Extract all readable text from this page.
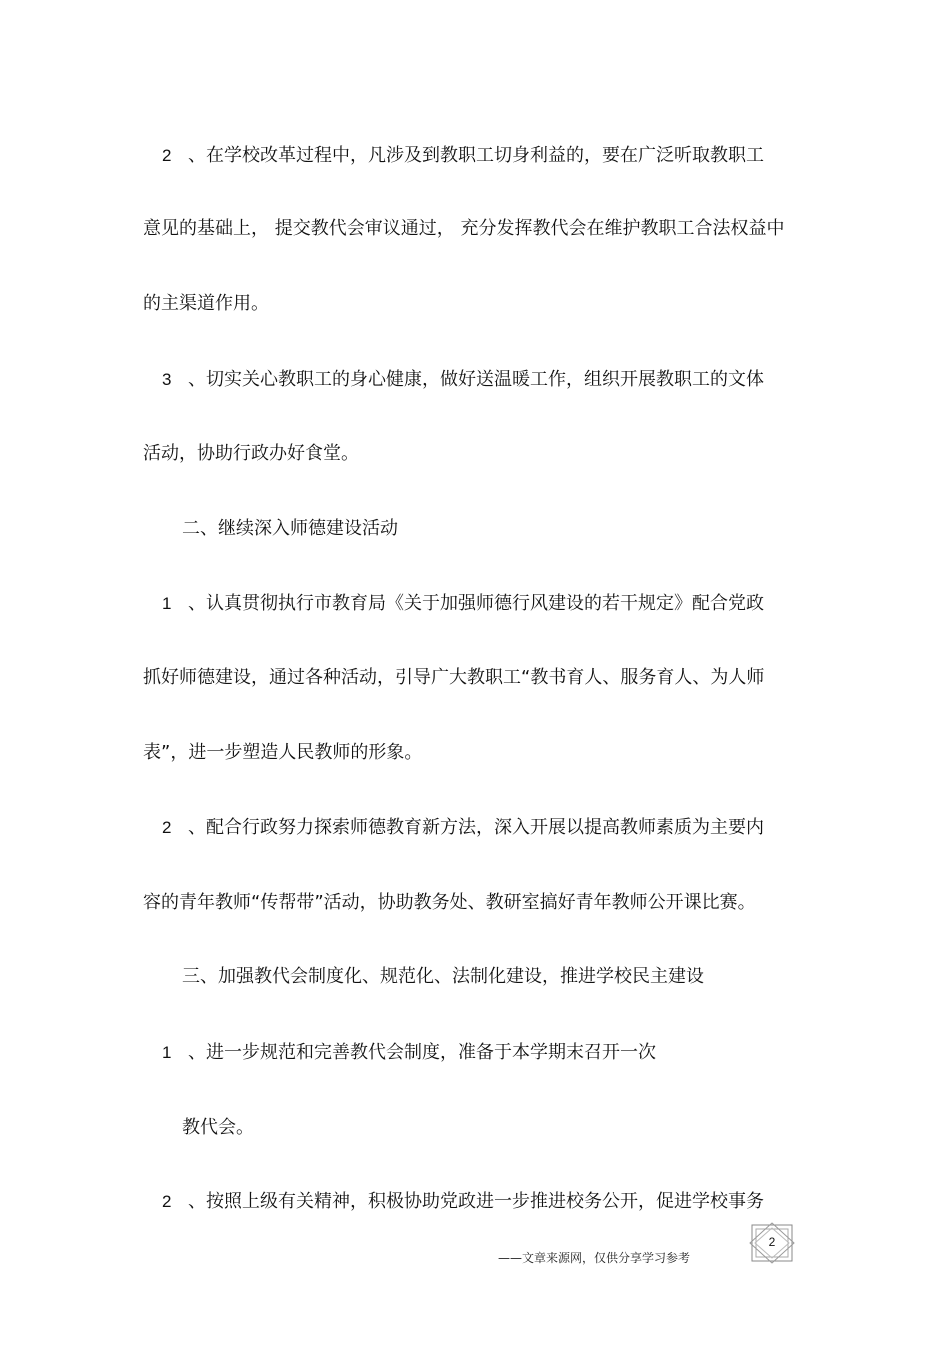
2 、在学校改革过程中，凡涉及到教职工切身利益的，要在广泛听取教职工
意见的基础上， 提交教代会审议通过， 充分发挥教代会在维护教职工合法权益中
的主渠道作用。
3 、切实关心教职工的身心健康，做好送温暖工作，组织开展教职工的文体
活动，协助行政办好食堂。
二、继续深入师德建设活动
1 、认真贯彻执行市教育局《关于加强师德行风建设的若干规定》配合党政
抓好师德建设，通过各种活动，引导广大教职工“教书育人、服务育人、为人师
表”，进一步塑造人民教师的形象。
2 、配合行政努力探索师德教育新方法，深入开展以提高教师素质为主要内
容的青年教师“传帮带”活动，协助教务处、教研室搞好青年教师公开课比赛。
三、加强教代会制度化、规范化、法制化建设，推进学校民主建设
1 、进一步规范和完善教代会制度，准备于本学期末召开一次
教代会。
2 、按照上级有关精神，积极协助党政进一步推进校务公开，促进学校事务
2
——文章来源网，仅供分享学习参考
